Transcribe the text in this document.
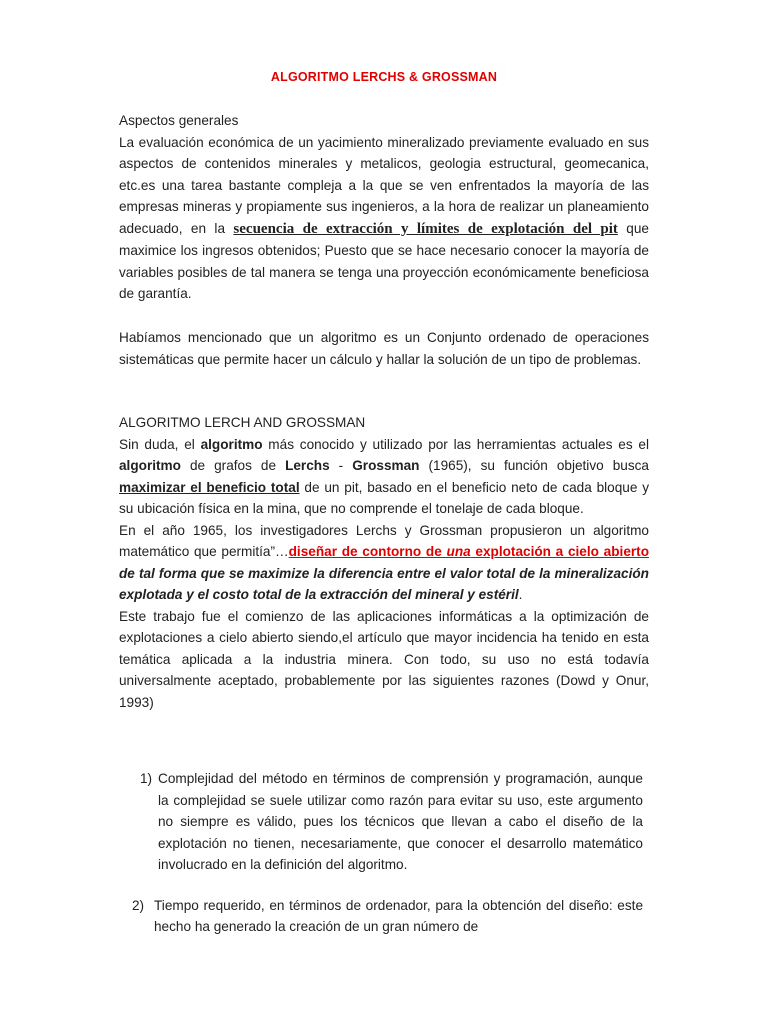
ALGORITMO LERCHS & GROSSMAN
Aspectos generales

La evaluación económica de un yacimiento mineralizado previamente evaluado en sus aspectos de contenidos minerales y metalicos, geologia estructural, geomecanica, etc.es una tarea bastante compleja a la que se ven enfrentados la mayoría de las empresas mineras y propiamente sus ingenieros, a la hora de realizar un planeamiento adecuado, en la secuencia de extracción y límites de explotación del pit que maximice los ingresos obtenidos; Puesto que se hace necesario conocer la mayoría de variables posibles de tal manera se tenga una proyección económicamente beneficiosa de garantía.

Habíamos mencionado que un algoritmo es un Conjunto ordenado de operaciones sistemáticas que permite hacer un cálculo y hallar la solución de un tipo de problemas.

ALGORITMO LERCH AND GROSSMAN

Sin duda, el algoritmo más conocido y utilizado por las herramientas actuales es el algoritmo de grafos de Lerchs - Grossman (1965), su función objetivo busca maximizar el beneficio total de un pit, basado en el beneficio neto de cada bloque y su ubicación física en la mina, que no comprende el tonelaje de cada bloque.

En el año 1965, los investigadores Lerchs y Grossman propusieron un algoritmo matemático que permitía”…diseñar de contorno de una explotación a cielo abierto de tal forma que se maximize la diferencia entre el valor total de la mineralización explotada y el costo total de la extracción del mineral y estéril.

Este trabajo fue el comienzo de las aplicaciones informáticas a la optimización de explotaciones a cielo abierto siendo,el artículo que mayor incidencia ha tenido en esta temática aplicada a la industria minera. Con todo, su uso no está todavía universalmente aceptado, probablemente por las siguientes razones (Dowd y Onur, 1993)

1) Complejidad del método en términos de comprensión y programación, aunque la complejidad se suele utilizar como razón para evitar su uso, este argumento no siempre es válido, pues los técnicos que llevan a cabo el diseño de la explotación no tienen, necesariamente, que conocer el desarrollo matemático involucrado en la definición del algoritmo.
2) Tiempo requerido, en términos de ordenador, para la obtención del diseño: este hecho ha generado la creación de un gran número de
